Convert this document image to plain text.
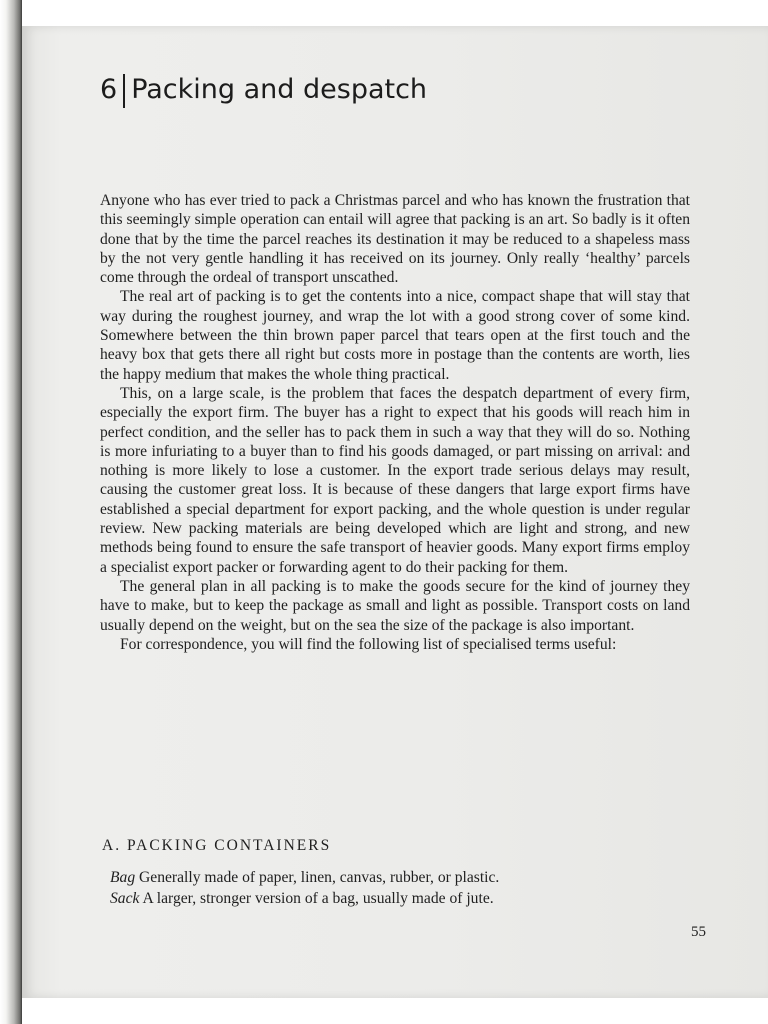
6 Packing and despatch

Anyone who has ever tried to pack a Christmas parcel and who has known the frustration that this seemingly simple operation can entail will agree that packing is an art. So badly is it often done that by the time the parcel reaches its destination it may be reduced to a shapeless mass by the not very gentle handling it has received on its journey. Only really ‘healthy’ parcels come through the ordeal of transport unscathed.

The real art of packing is to get the contents into a nice, compact shape that will stay that way during the roughest journey, and wrap the lot with a good strong cover of some kind. Somewhere between the thin brown paper parcel that tears open at the first touch and the heavy box that gets there all right but costs more in postage than the contents are worth, lies the happy medium that makes the whole thing practical.

This, on a large scale, is the problem that faces the despatch department of every firm, especially the export firm. The buyer has a right to expect that his goods will reach him in perfect condition, and the seller has to pack them in such a way that they will do so. Nothing is more infuriating to a buyer than to find his goods damaged, or part missing on arrival: and nothing is more likely to lose a customer. In the export trade serious delays may result, causing the customer great loss. It is because of these dangers that large export firms have established a special department for export packing, and the whole question is under regular review. New packing materials are being developed which are light and strong, and new methods being found to ensure the safe transport of heavier goods. Many export firms employ a specialist export packer or forwarding agent to do their packing for them.

The general plan in all packing is to make the goods secure for the kind of journey they have to make, but to keep the package as small and light as possible. Transport costs on land usually depend on the weight, but on the sea the size of the package is also important.

For correspondence, you will find the following list of specialised terms useful:

A. PACKING CONTAINERS

Bag Generally made of paper, linen, canvas, rubber, or plastic.

Sack A larger, stronger version of a bag, usually made of jute.

55
